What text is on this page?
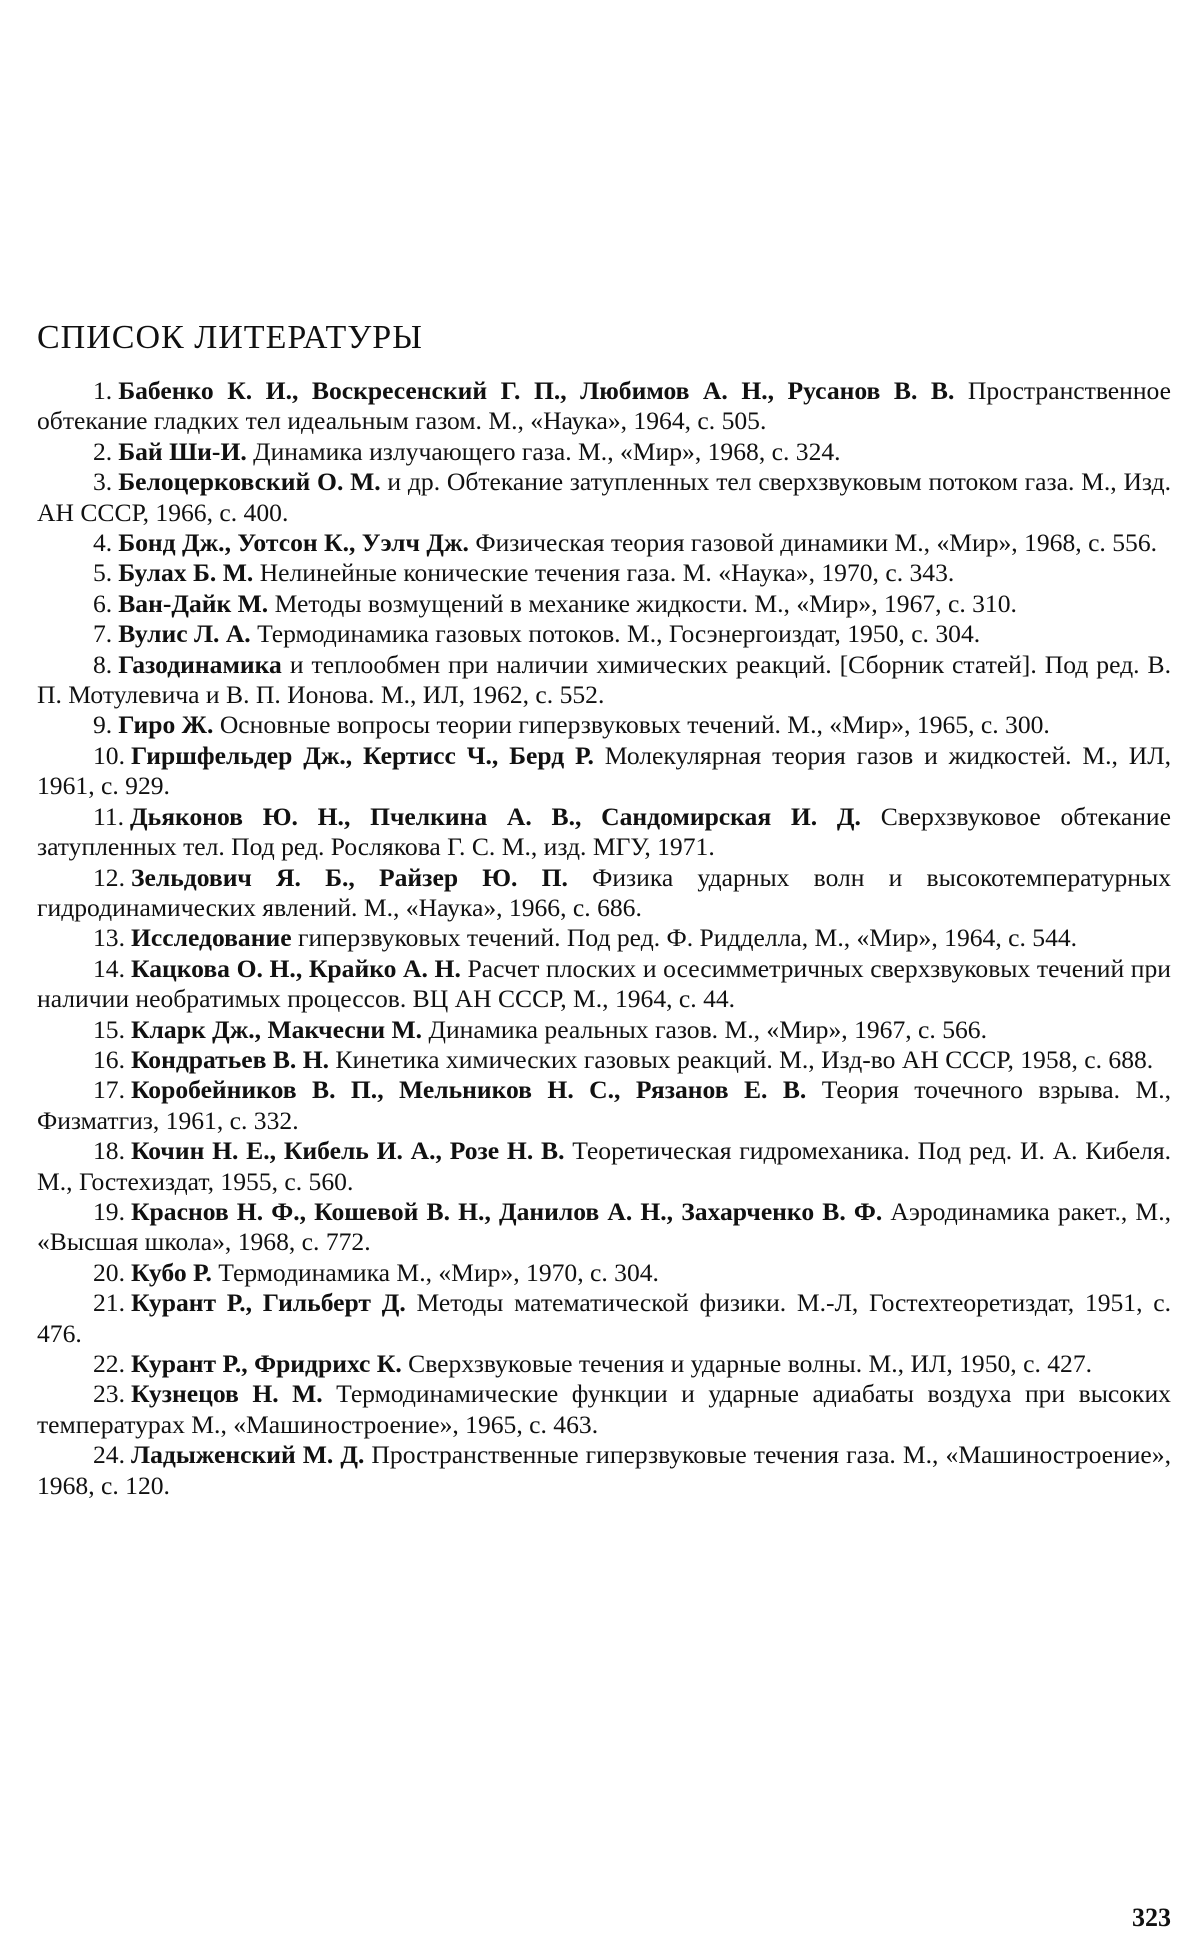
СПИСОК ЛИТЕРАТУРЫ
1. Бабенко К. И., Воскресенский Г. П., Любимов А. Н., Русанов В. В. Пространственное обтекание гладких тел идеальным газом. М., «Наука», 1964, с. 505.
2. Бай Ши-И. Динамика излучающего газа. М., «Мир», 1968, с. 324.
3. Белоцерковский О. М. и др. Обтекание затупленных тел сверхзвуковым потоком газа. М., Изд. АН СССР, 1966, с. 400.
4. Бонд Дж., Уотсон К., Уэлч Дж. Физическая теория газовой динамики М., «Мир», 1968, с. 556.
5. Булах Б. М. Нелинейные конические течения газа. М. «Наука», 1970, с. 343.
6. Ван-Дайк М. Методы возмущений в механике жидкости. М., «Мир», 1967, с. 310.
7. Вулис Л. А. Термодинамика газовых потоков. М., Госэнергоиздат, 1950, с. 304.
8. Газодинамика и теплообмен при наличии химических реакций. [Сборник статей]. Под ред. В. П. Мотулевича и В. П. Ионова. М., ИЛ, 1962, с. 552.
9. Гиро Ж. Основные вопросы теории гиперзвуковых течений. М., «Мир», 1965, с. 300.
10. Гиршфельдер Дж., Кертисс Ч., Берд Р. Молекулярная теория газов и жидкостей. М., ИЛ, 1961, с. 929.
11. Дьяконов Ю. Н., Пчелкина А. В., Сандомирская И. Д. Сверхзвуковое обтекание затупленных тел. Под ред. Рослякова Г. С. М., изд. МГУ, 1971.
12. Зельдович Я. Б., Райзер Ю. П. Физика ударных волн и высокотемпературных гидродинамических явлений. М., «Наука», 1966, с. 686.
13. Исследование гиперзвуковых течений. Под ред. Ф. Ридделла, М., «Мир», 1964, с. 544.
14. Кацкова О. Н., Крайко А. Н. Расчет плоских и осесимметричных сверхзвуковых течений при наличии необратимых процессов. ВЦ АН СССР, М., 1964, с. 44.
15. Кларк Дж., Макчесни М. Динамика реальных газов. М., «Мир», 1967, с. 566.
16. Кондратьев В. Н. Кинетика химических газовых реакций. М., Изд-во АН СССР, 1958, с. 688.
17. Коробейников В. П., Мельников Н. С., Рязанов Е. В. Теория точечного взрыва. М., Физматгиз, 1961, с. 332.
18. Кочин Н. Е., Кибель И. А., Розе Н. В. Теоретическая гидромеханика. Под ред. И. А. Кибеля. М., Гостехиздат, 1955, с. 560.
19. Краснов Н. Ф., Кошевой В. Н., Данилов А. Н., Захарченко В. Ф. Аэродинамика ракет., М., «Высшая школа», 1968, с. 772.
20. Кубо Р. Термодинамика М., «Мир», 1970, с. 304.
21. Курант Р., Гильберт Д. Методы математической физики. М.-Л, Гостехтеоретиздат, 1951, с. 476.
22. Курант Р., Фридрихс К. Сверхзвуковые течения и ударные волны. М., ИЛ, 1950, с. 427.
23. Кузнецов Н. М. Термодинамические функции и ударные адиабаты воздуха при высоких температурах М., «Машиностроение», 1965, с. 463.
24. Ладыженский М. Д. Пространственные гиперзвуковые течения газа. М., «Машиностроение», 1968, с. 120.
323
